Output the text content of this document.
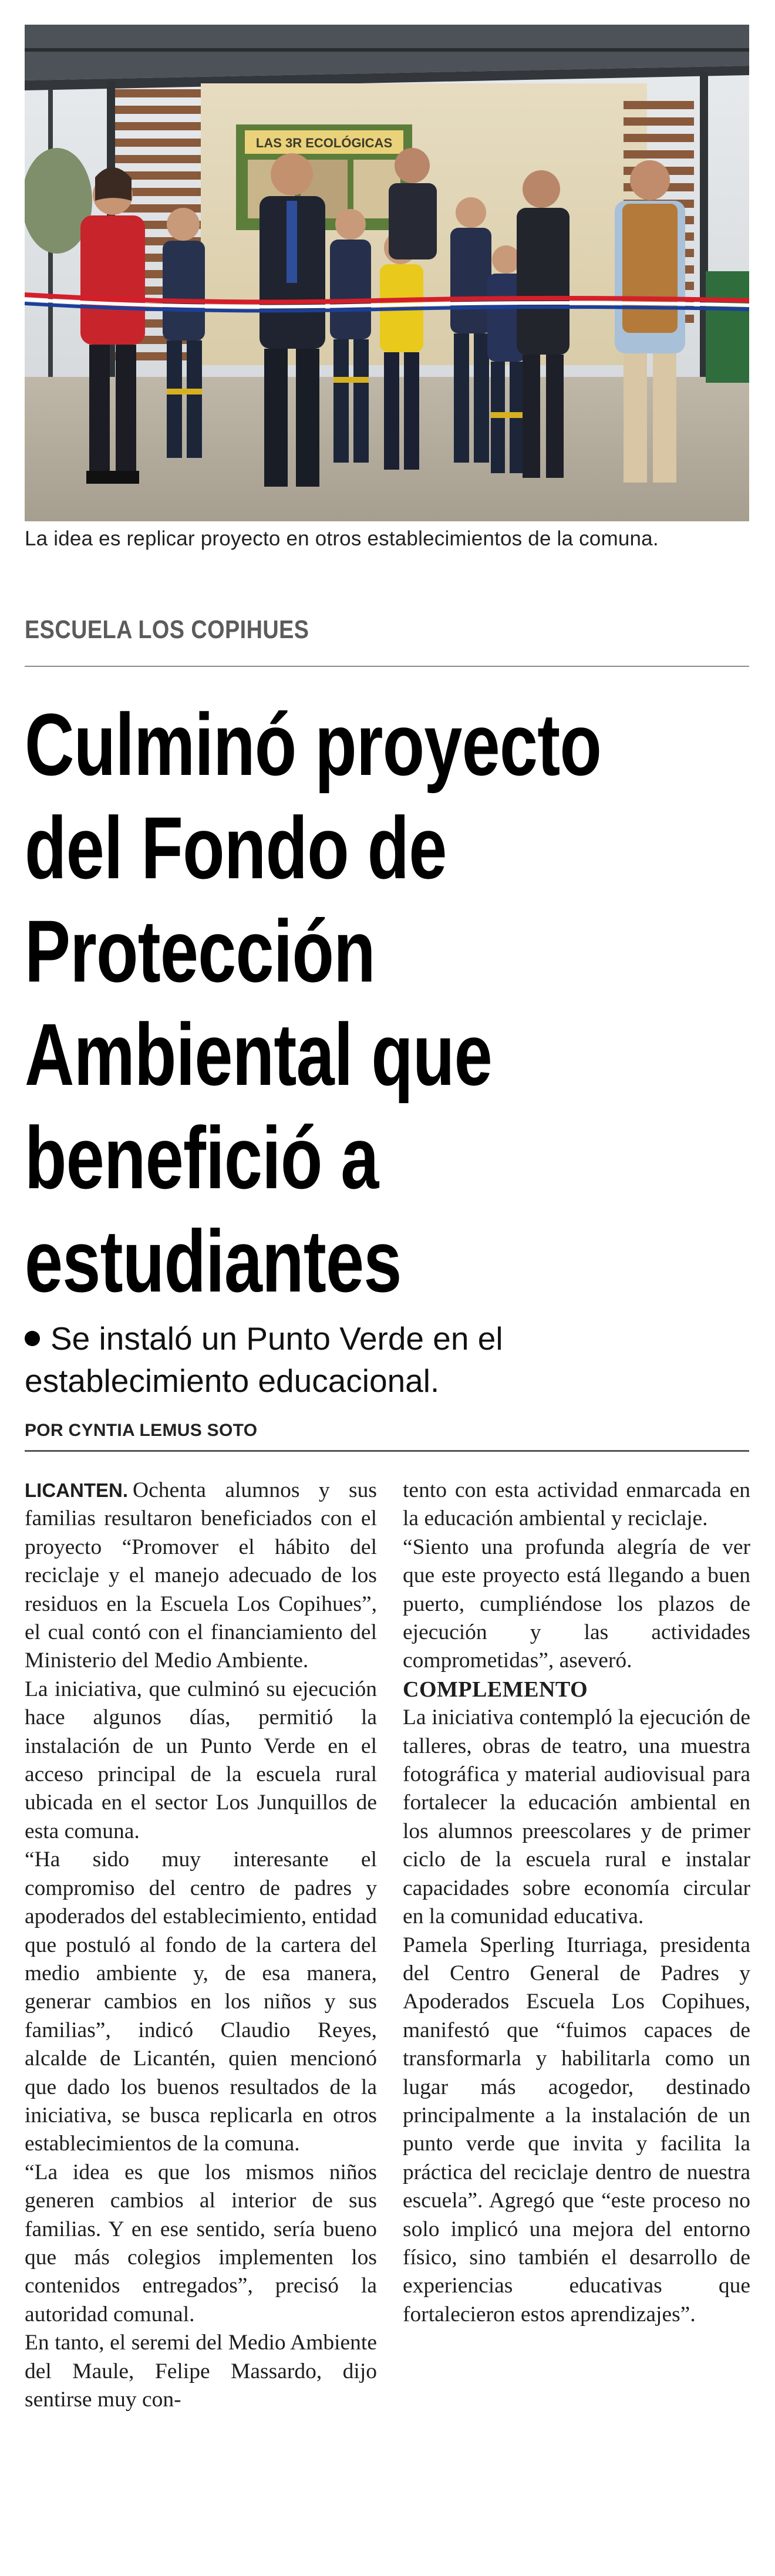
LAS 3R ECOLÓGICAS
La idea es replicar proyecto en otros establecimientos de la comuna.
ESCUELA LOS COPIHUES
Culminó proyecto
del Fondo de
Protección
Ambiental que
benefició a
estudiantes
Se instaló un Punto Verde en el establecimiento educacional.
POR CYNTIA LEMUS SOTO

LICANTEN. Ochenta alumnos y sus familias resultaron beneficiados con el proyecto “Promover el hábito del reciclaje y el manejo adecuado de los residuos en la Escuela Los Copihues”, el cual contó con el financiamiento del Ministerio del Medio Ambiente.

La iniciativa, que culminó su ejecución hace algunos días, permitió la instalación de un Punto Verde en el acceso principal de la escuela rural ubicada en el sector Los Junquillos de esta comuna.

“Ha sido muy interesante el compromiso del centro de padres y apoderados del establecimiento, entidad que postuló al fondo de la cartera del medio ambiente y, de esa manera, generar cambios en los niños y sus familias”, indicó Claudio Reyes, alcalde de Licantén, quien mencionó que dado los buenos resultados de la iniciativa, se busca replicarla en otros establecimientos de la comuna.

“La idea es que los mismos niños generen cambios al interior de sus familias. Y en ese sentido, sería bueno que más colegios implementen los contenidos entregados”, precisó la autoridad comunal.

En tanto, el seremi del Medio Ambiente del Maule, Felipe Massardo, dijo sentirse muy con-

tento con esta actividad enmarcada en la educación ambiental y reciclaje.

“Siento una profunda alegría de ver que este proyecto está llegando a buen puerto, cumpliéndose los plazos de ejecución y las actividades comprometidas”, aseveró.

COMPLEMENTO

La iniciativa contempló la ejecución de talleres, obras de teatro, una muestra fotográfica y material audiovisual para fortalecer la educación ambiental en los alumnos preescolares y de primer ciclo de la escuela rural e instalar capacidades sobre economía circular en la comunidad educativa.

Pamela Sperling Iturriaga, presidenta del Centro General de Padres y Apoderados Escuela Los Copihues, manifestó que “fuimos capaces de transformarla y habilitarla como un lugar más acogedor, destinado principalmente a la instalación de un punto verde que invita y facilita la práctica del reciclaje dentro de nuestra escuela”. Agregó que “este proceso no solo implicó una mejora del entorno físico, sino también el desarrollo de experiencias educativas que fortalecieron estos aprendizajes”.
